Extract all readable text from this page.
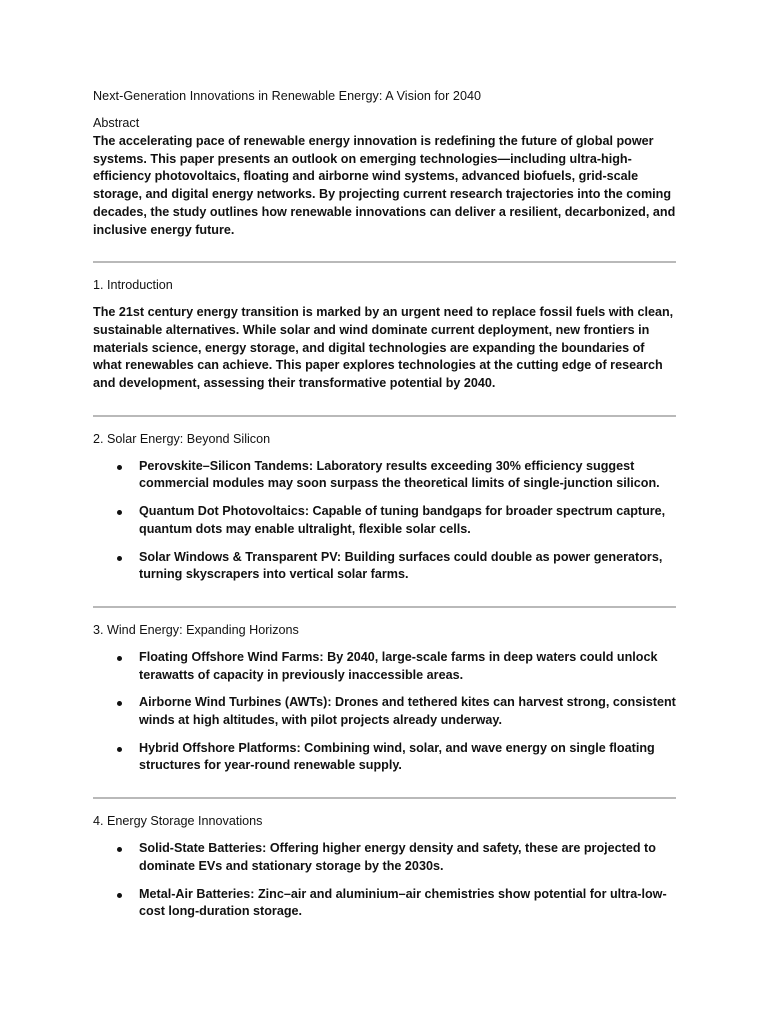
Next-Generation Innovations in Renewable Energy: A Vision for 2040
Abstract

The accelerating pace of renewable energy innovation is redefining the future of global power systems. This paper presents an outlook on emerging technologies—including ultra-high-efficiency photovoltaics, floating and airborne wind systems, advanced biofuels, grid-scale storage, and digital energy networks. By projecting current research trajectories into the coming decades, the study outlines how renewable innovations can deliver a resilient, decarbonized, and inclusive energy future.

1. Introduction

The 21st century energy transition is marked by an urgent need to replace fossil fuels with clean, sustainable alternatives. While solar and wind dominate current deployment, new frontiers in materials science, energy storage, and digital technologies are expanding the boundaries of what renewables can achieve. This paper explores technologies at the cutting edge of research and development, assessing their transformative potential by 2040.

2. Solar Energy: Beyond Silicon
Perovskite–Silicon Tandems: Laboratory results exceeding 30% efficiency suggest commercial modules may soon surpass the theoretical limits of single-junction silicon.
Quantum Dot Photovoltaics: Capable of tuning bandgaps for broader spectrum capture, quantum dots may enable ultralight, flexible solar cells.
Solar Windows & Transparent PV: Building surfaces could double as power generators, turning skyscrapers into vertical solar farms.
3. Wind Energy: Expanding Horizons
Floating Offshore Wind Farms: By 2040, large-scale farms in deep waters could unlock terawatts of capacity in previously inaccessible areas.
Airborne Wind Turbines (AWTs): Drones and tethered kites can harvest strong, consistent winds at high altitudes, with pilot projects already underway.
Hybrid Offshore Platforms: Combining wind, solar, and wave energy on single floating structures for year-round renewable supply.
4. Energy Storage Innovations
Solid-State Batteries: Offering higher energy density and safety, these are projected to dominate EVs and stationary storage by the 2030s.
Metal-Air Batteries: Zinc–air and aluminium–air chemistries show potential for ultra-low-cost long-duration storage.
